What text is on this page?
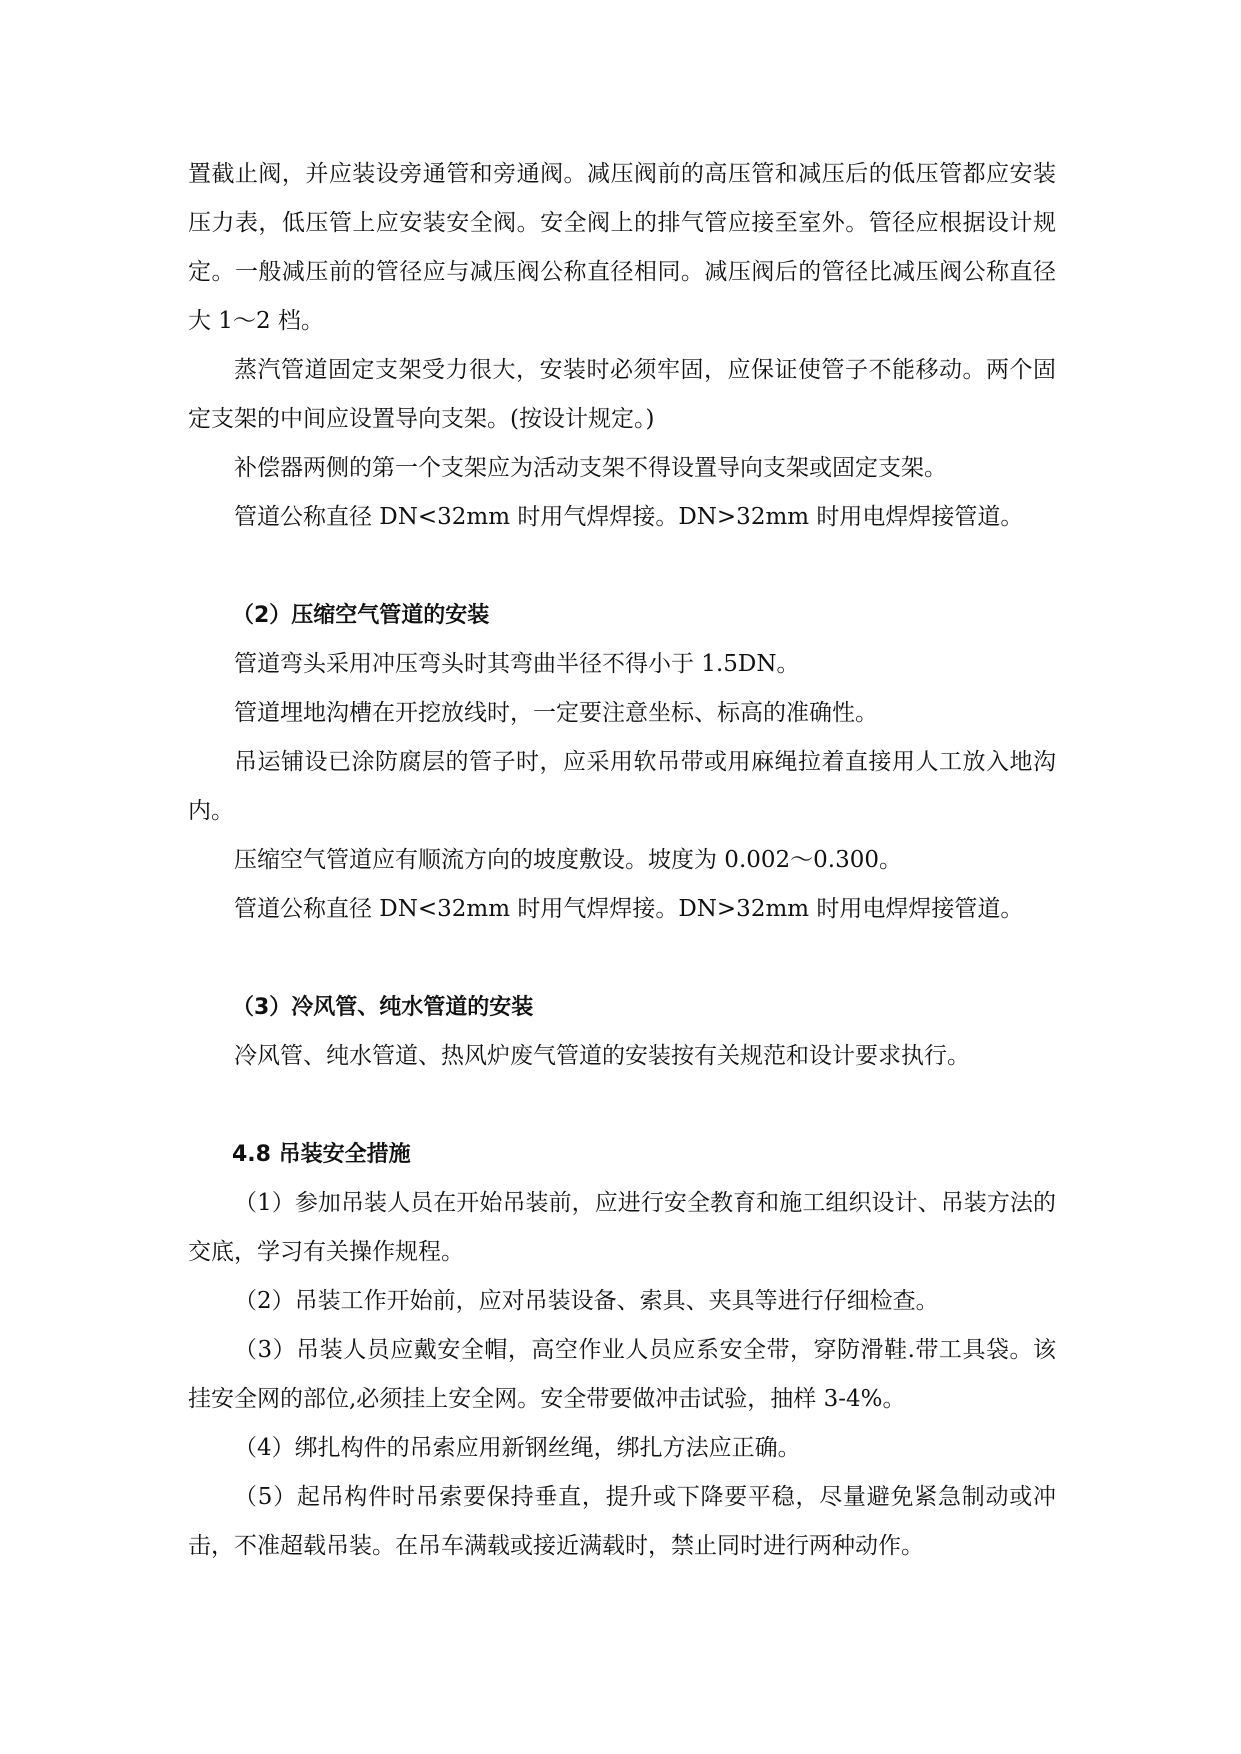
置截止阀，并应装设旁通管和旁通阀。减压阀前的高压管和减压后的低压管都应安装压力表，低压管上应安装安全阀。安全阀上的排气管应接至室外。管径应根据设计规定。一般减压前的管径应与减压阀公称直径相同。减压阀后的管径比减压阀公称直径大 1～2 档。

蒸汽管道固定支架受力很大，安装时必须牢固，应保证使管子不能移动。两个固定支架的中间应设置导向支架。(按设计规定。)

补偿器两侧的第一个支架应为活动支架不得设置导向支架或固定支架。

管道公称直径 DN<32mm 时用气焊焊接。DN>32mm 时用电焊焊接管道。

（2）压缩空气管道的安装

管道弯头采用冲压弯头时其弯曲半径不得小于 1.5DN。

管道埋地沟槽在开挖放线时，一定要注意坐标、标高的准确性。

吊运铺设已涂防腐层的管子时，应采用软吊带或用麻绳拉着直接用人工放入地沟内。

压缩空气管道应有顺流方向的坡度敷设。坡度为 0.002～0.300。

管道公称直径 DN<32mm 时用气焊焊接。DN>32mm 时用电焊焊接管道。

（3）冷风管、纯水管道的安装

冷风管、纯水管道、热风炉废气管道的安装按有关规范和设计要求执行。

4.8 吊装安全措施

（1）参加吊装人员在开始吊装前，应进行安全教育和施工组织设计、吊装方法的交底，学习有关操作规程。

（2）吊装工作开始前，应对吊装设备、索具、夹具等进行仔细检查。

（3）吊装人员应戴安全帽，高空作业人员应系安全带，穿防滑鞋.带工具袋。该挂安全网的部位,必须挂上安全网。安全带要做冲击试验，抽样 3-4%。

（4）绑扎构件的吊索应用新钢丝绳，绑扎方法应正确。

（5）起吊构件时吊索要保持垂直，提升或下降要平稳，尽量避免紧急制动或冲击，不准超载吊装。在吊车满载或接近满载时，禁止同时进行两种动作。
